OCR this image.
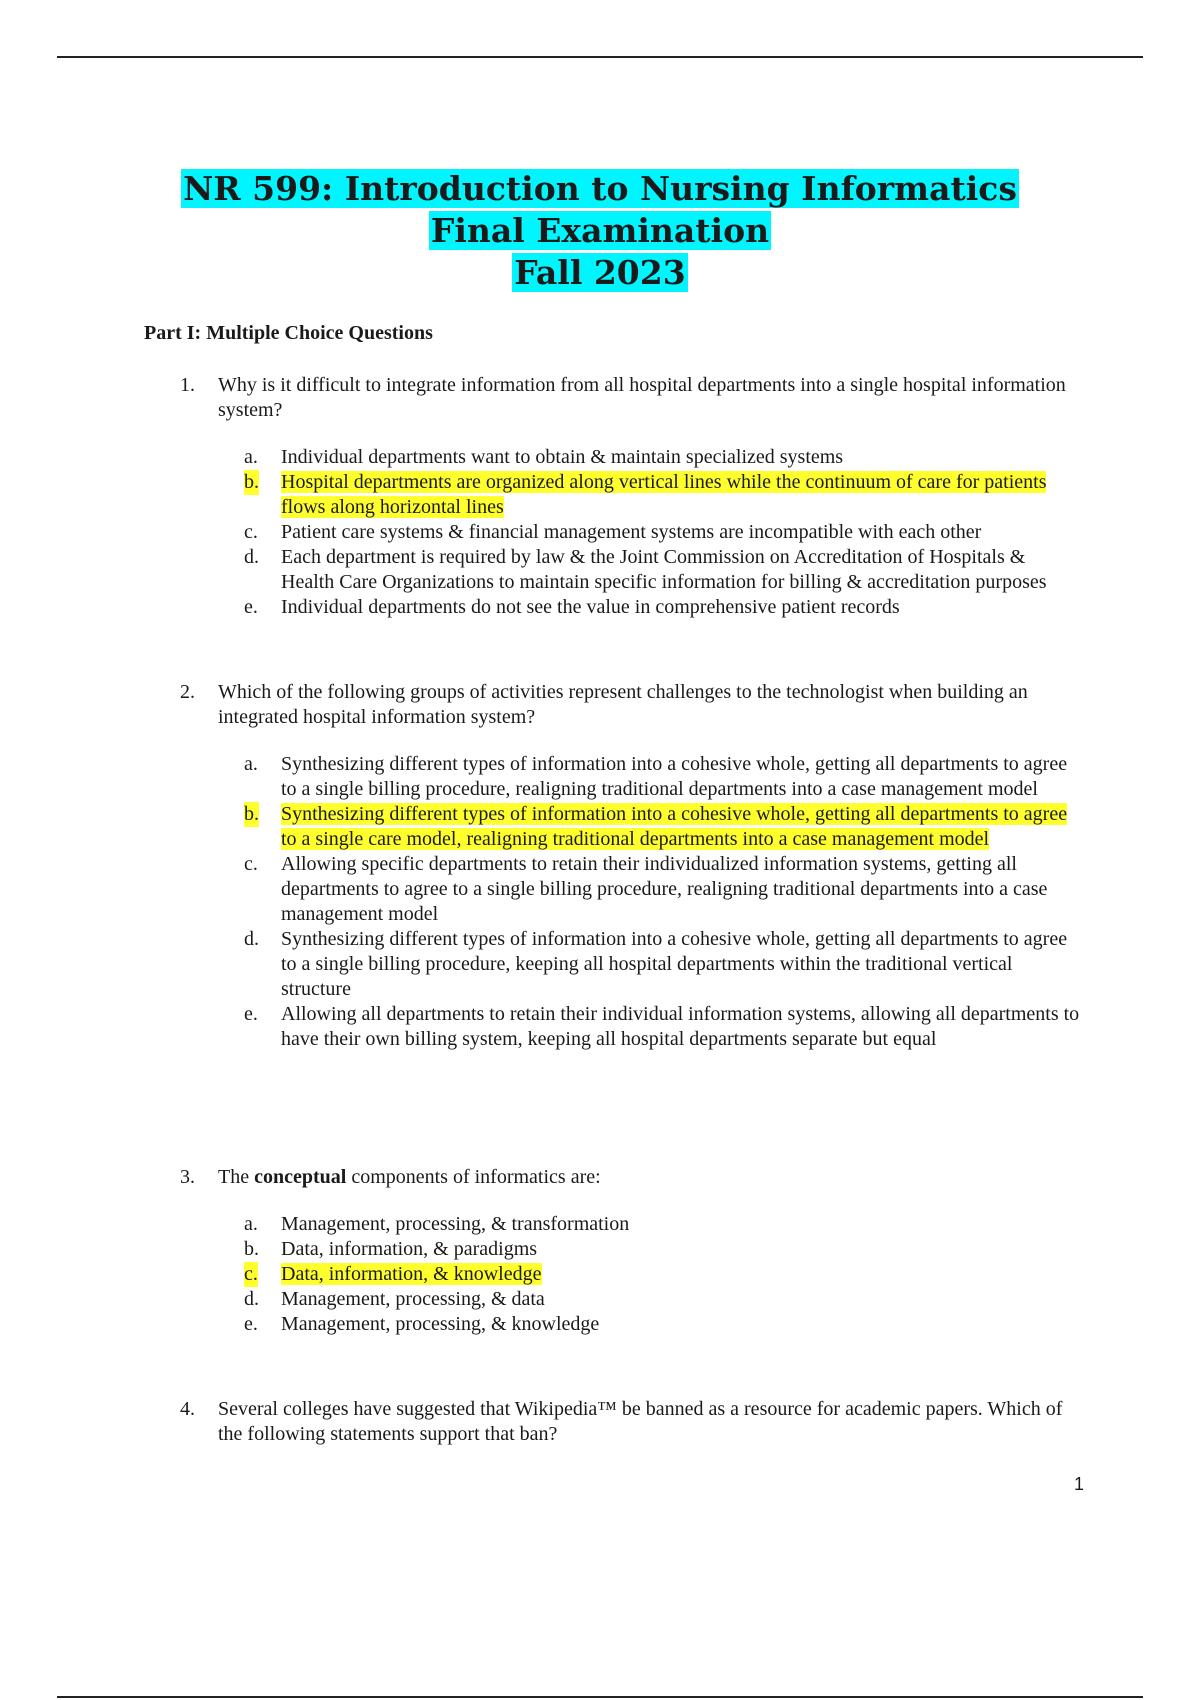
NR 599: Introduction to Nursing Informatics
Final Examination
Fall 2023
Part I: Multiple Choice Questions
1. Why is it difficult to integrate information from all hospital departments into a single hospital information system?
a. Individual departments want to obtain & maintain specialized systems
b. Hospital departments are organized along vertical lines while the continuum of care for patients flows along horizontal lines
c. Patient care systems & financial management systems are incompatible with each other
d. Each department is required by law & the Joint Commission on Accreditation of Hospitals & Health Care Organizations to maintain specific information for billing & accreditation purposes
e. Individual departments do not see the value in comprehensive patient records
2. Which of the following groups of activities represent challenges to the technologist when building an integrated hospital information system?
a. Synthesizing different types of information into a cohesive whole, getting all departments to agree to a single billing procedure, realigning traditional departments into a case management model
b. Synthesizing different types of information into a cohesive whole, getting all departments to agree to a single care model, realigning traditional departments into a case management model
c. Allowing specific departments to retain their individualized information systems, getting all departments to agree to a single billing procedure, realigning traditional departments into a case management model
d. Synthesizing different types of information into a cohesive whole, getting all departments to agree to a single billing procedure, keeping all hospital departments within the traditional vertical structure
e. Allowing all departments to retain their individual information systems, allowing all departments to have their own billing system, keeping all hospital departments separate but equal
3. The conceptual components of informatics are:
a. Management, processing, & transformation
b. Data, information, & paradigms
c. Data, information, & knowledge
d. Management, processing, & data
e. Management, processing, & knowledge
4. Several colleges have suggested that Wikipedia™ be banned as a resource for academic papers. Which of the following statements support that ban?
1
